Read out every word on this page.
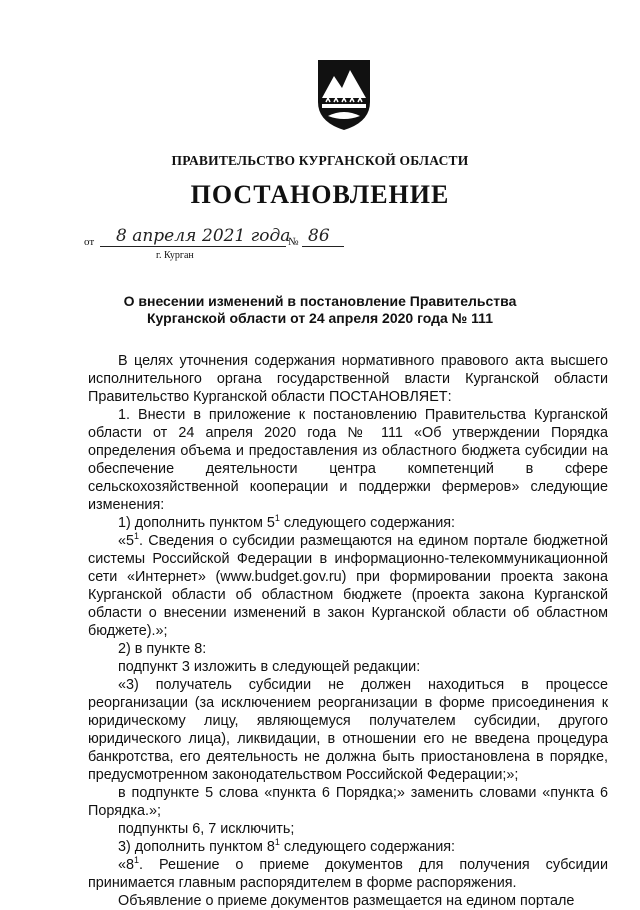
ПРАВИТЕЛЬСТВО КУРГАНСКОЙ ОБЛАСТИ
ПОСТАНОВЛЕНИЕ
от 8 апреля 2021 года
№ 86
г. Курган
О внесении изменений в постановление Правительства
Курганской области от 24 апреля 2020 года № 111

В целях уточнения содержания нормативного правового акта высшего исполнительного органа государственной власти Курганской области Правительство Курганской области ПОСТАНОВЛЯЕТ:

1. Внести в приложение к постановлению Правительства Курганской области от 24 апреля 2020 года № 111 «Об утверждении Порядка определения объема и предоставления из областного бюджета субсидии на обеспечение деятельности центра компетенций в сфере сельскохозяйственной кооперации и поддержки фермеров» следующие изменения:

1) дополнить пунктом $5^1$ следующего содержания:

«$5^1$. Сведения о субсидии размещаются на едином портале бюджетной системы Российской Федерации в информационно-телекоммуникационной сети «Интернет» (www.budget.gov.ru) при формировании проекта закона Курганской области об областном бюджете (проекта закона Курганской области о внесении изменений в закон Курганской области об областном бюджете).»;

2) в пункте 8:

подпункт 3 изложить в следующей редакции:

«3) получатель субсидии не должен находиться в процессе реорганизации (за исключением реорганизации в форме присоединения к юридическому лицу, являющемуся получателем субсидии, другого юридического лица), ликвидации, в отношении его не введена процедура банкротства, его деятельность не должна быть приостановлена в порядке, предусмотренном законодательством Российской Федерации;»;

в подпункте 5 слова «пункта 6 Порядка;» заменить словами «пункта 6 Порядка.»;

подпункты 6, 7 исключить;

3) дополнить пунктом $8^1$ следующего содержания:

«$8^1$. Решение о приеме документов для получения субсидии принимается главным распорядителем в форме распоряжения.

Объявление о приеме документов размещается на едином портале
